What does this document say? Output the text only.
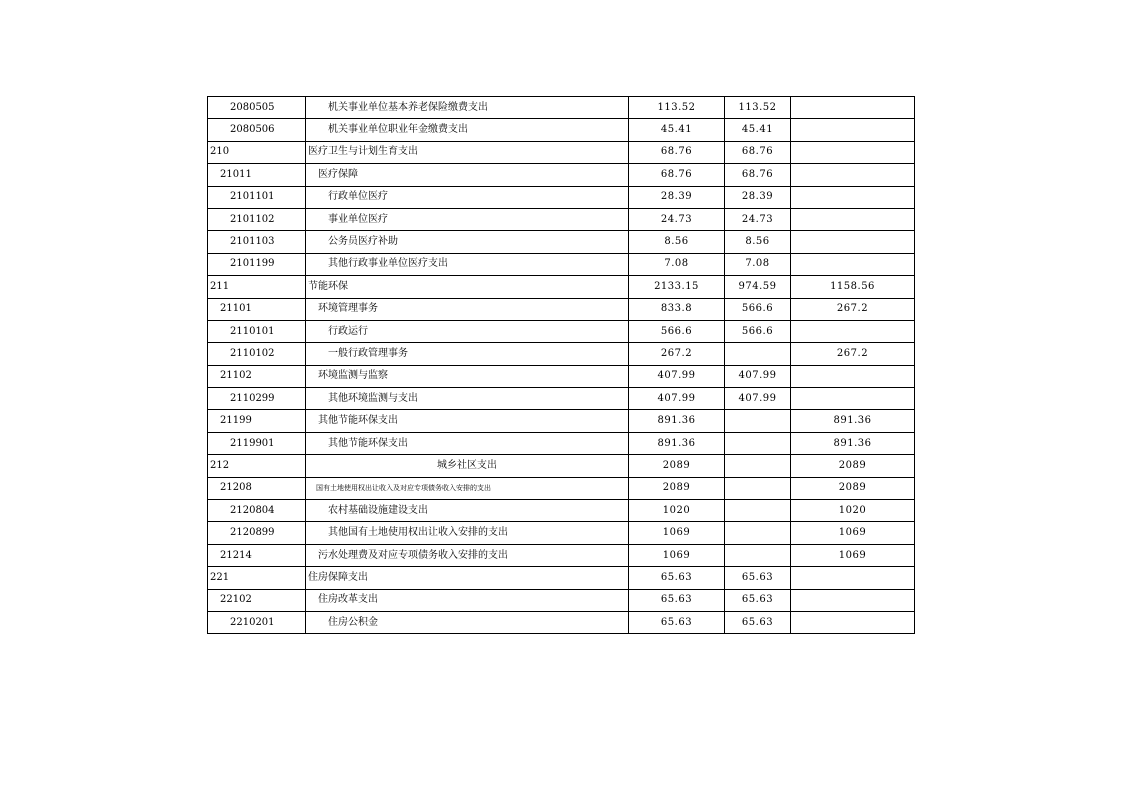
2080505	机关事业单位基本养老保险缴费支出	113.52	113.52	
2080506	机关事业单位职业年金缴费支出	45.41	45.41	
210	医疗卫生与计划生育支出	68.76	68.76	
21011	医疗保障	68.76	68.76	
2101101	行政单位医疗	28.39	28.39	
2101102	事业单位医疗	24.73	24.73	
2101103	公务员医疗补助	8.56	8.56	
2101199	其他行政事业单位医疗支出	7.08	7.08	
211	节能环保	2133.15	974.59	1158.56
21101	环境管理事务	833.8	566.6	267.2
2110101	行政运行	566.6	566.6	
2110102	一般行政管理事务	267.2		267.2
21102	环境监测与监察	407.99	407.99	
2110299	其他环境监测与支出	407.99	407.99	
21199	其他节能环保支出	891.36		891.36
2119901	其他节能环保支出	891.36		891.36
212	城乡社区支出	2089		2089
21208	国有土地使用权出让收入及对应专项债务收入安排的支出	2089		2089
2120804	农村基础设施建设支出	1020		1020
2120899	其他国有土地使用权出让收入安排的支出	1069		1069
21214	污水处理费及对应专项债务收入安排的支出	1069		1069
221	住房保障支出	65.63	65.63	
22102	住房改革支出	65.63	65.63	
2210201	住房公积金	65.63	65.63	
